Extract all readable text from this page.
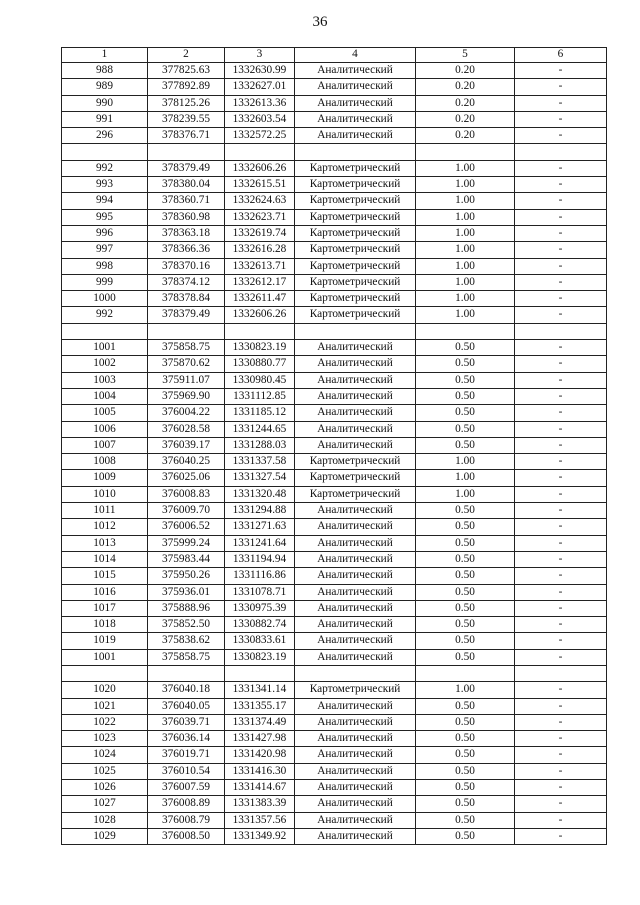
36
1	2	3	4	5	6
988	377825.63	1332630.99	Аналитический	0.20	-
989	377892.89	1332627.01	Аналитический	0.20	-
990	378125.26	1332613.36	Аналитический	0.20	-
991	378239.55	1332603.54	Аналитический	0.20	-
296	378376.71	1332572.25	Аналитический	0.20	-

992	378379.49	1332606.26	Картометрический	1.00	-
993	378380.04	1332615.51	Картометрический	1.00	-
994	378360.71	1332624.63	Картометрический	1.00	-
995	378360.98	1332623.71	Картометрический	1.00	-
996	378363.18	1332619.74	Картометрический	1.00	-
997	378366.36	1332616.28	Картометрический	1.00	-
998	378370.16	1332613.71	Картометрический	1.00	-
999	378374.12	1332612.17	Картометрический	1.00	-
1000	378378.84	1332611.47	Картометрический	1.00	-
992	378379.49	1332606.26	Картометрический	1.00	-

1001	375858.75	1330823.19	Аналитический	0.50	-
1002	375870.62	1330880.77	Аналитический	0.50	-
1003	375911.07	1330980.45	Аналитический	0.50	-
1004	375969.90	1331112.85	Аналитический	0.50	-
1005	376004.22	1331185.12	Аналитический	0.50	-
1006	376028.58	1331244.65	Аналитический	0.50	-
1007	376039.17	1331288.03	Аналитический	0.50	-
1008	376040.25	1331337.58	Картометрический	1.00	-
1009	376025.06	1331327.54	Картометрический	1.00	-
1010	376008.83	1331320.48	Картометрический	1.00	-
1011	376009.70	1331294.88	Аналитический	0.50	-
1012	376006.52	1331271.63	Аналитический	0.50	-
1013	375999.24	1331241.64	Аналитический	0.50	-
1014	375983.44	1331194.94	Аналитический	0.50	-
1015	375950.26	1331116.86	Аналитический	0.50	-
1016	375936.01	1331078.71	Аналитический	0.50	-
1017	375888.96	1330975.39	Аналитический	0.50	-
1018	375852.50	1330882.74	Аналитический	0.50	-
1019	375838.62	1330833.61	Аналитический	0.50	-
1001	375858.75	1330823.19	Аналитический	0.50	-

1020	376040.18	1331341.14	Картометрический	1.00	-
1021	376040.05	1331355.17	Аналитический	0.50	-
1022	376039.71	1331374.49	Аналитический	0.50	-
1023	376036.14	1331427.98	Аналитический	0.50	-
1024	376019.71	1331420.98	Аналитический	0.50	-
1025	376010.54	1331416.30	Аналитический	0.50	-
1026	376007.59	1331414.67	Аналитический	0.50	-
1027	376008.89	1331383.39	Аналитический	0.50	-
1028	376008.79	1331357.56	Аналитический	0.50	-
1029	376008.50	1331349.92	Аналитический	0.50	-
